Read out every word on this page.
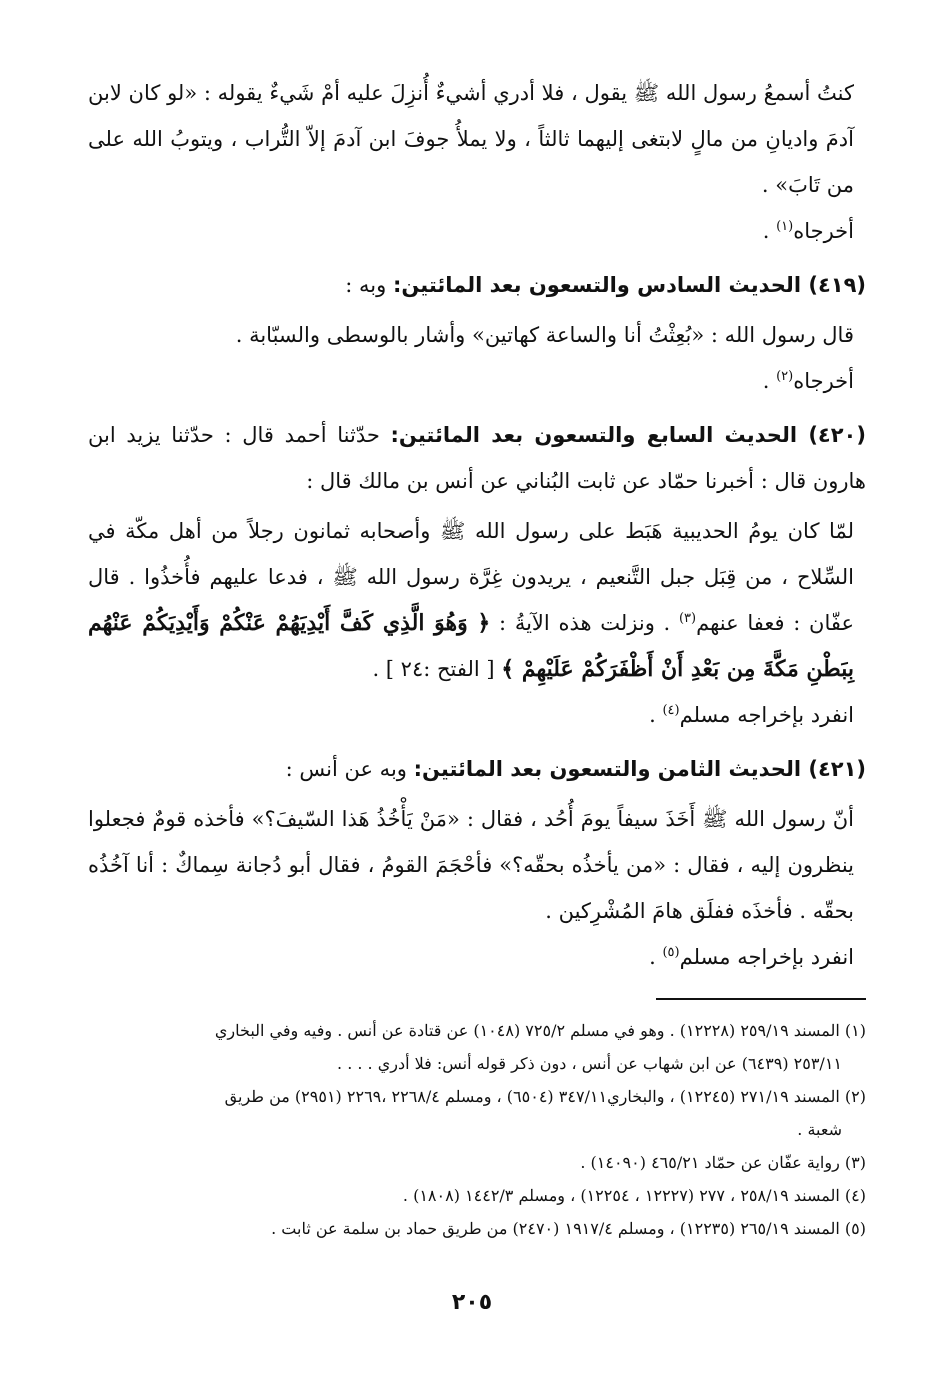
كنتُ أسمعُ رسول الله ﷺ يقول ، فلا أدري أشيءٌ أُنزِلَ عليه أمْ شَيءٌ يقوله : «لو كان لابن آدمَ واديانِ من مالٍ لابتغى إليهما ثالثاً ، ولا يملأُ جوفَ ابن آدمَ إلاّ التُّراب ، ويتوبُ الله على من تَابَ» .

أخرجاه$^{(١)}$ .

(٤١٩) الحديث السادس والتسعون بعد المائتين: وبه :

قال رسول الله : «بُعِثْتُ أنا والساعة كهاتين» وأشار بالوسطى والسبّابة .

أخرجاه$^{(٢)}$ .

(٤٢٠) الحديث السابع والتسعون بعد المائتين: حدّثنا أحمد قال : حدّثنا يزيد ابن هارون قال : أخبرنا حمّاد عن ثابت البُناني عن أنس بن مالك قال :

لمّا كان يومُ الحديبية هَبَط على رسول الله ﷺ وأصحابه ثمانون رجلاً من أهل مكّة في السِّلاح ، من قِبَل جبل التَّنعيم ، يريدون غِرَّة رسول الله ﷺ ، فدعا عليهم فأُخذُوا . قال عفّان : فعفا عنهم$^{(٣)}$ . ونزلت هذه الآيةُ : ﴿ وَهُوَ الَّذِي كَفَّ أَيْدِيَهُمْ عَنْكُمْ وَأَيْدِيَكُمْ عَنْهُم بِبَطْنِ مَكَّةَ مِن بَعْدِ أَنْ أَظْفَرَكُمْ عَلَيْهِمْ ﴾ [ الفتح :٢٤ ] .

انفرد بإخراجه مسلم$^{(٤)}$ .

(٤٢١) الحديث الثامن والتسعون بعد المائتين: وبه عن أنس :

أنّ رسول الله ﷺ أَخَذَ سيفاً يومَ أُحُد ، فقال : «مَنْ يَأْخُذُ هَذا السّيفَ؟» فأخذه قومٌ فجعلوا ينظرون إليه ، فقال : «من يأخذُه بحقّه؟» فأحْجَمَ القومُ ، فقال أبو دُجانة سِماكٌ : أنا آخُذُه بحقّه . فأخذَه ففلَق هامَ المُشْرِكين .

انفرد بإخراجه مسلم$^{(٥)}$ .

(١) المسند ٢٥٩/١٩ (١٢٢٢٨) . وهو في مسلم ٧٢٥/٢ (١٠٤٨) عن قتادة عن أنس . وفيه وفي البخاري
٢٥٣/١١ (٦٤٣٩) عن ابن شهاب عن أنس ، دون ذكر قوله أنس: فلا أدري . . . .

(٢) المسند ٢٧١/١٩ (١٢٢٤٥) ، والبخاري٣٤٧/١١ (٦٥٠٤) ، ومسلم ٢٢٦٨/٤ ،٢٢٦٩ (٢٩٥١) من طريق
شعبة .

(٣) رواية عفّان عن حمّاد ٤٦٥/٢١ (١٤٠٩٠) .

(٤) المسند ٢٥٨/١٩ ، ٢٧٧ (١٢٢٢٧ ، ١٢٢٥٤) ، ومسلم ١٤٤٢/٣ (١٨٠٨) .

(٥) المسند ٢٦٥/١٩ (١٢٢٣٥) ، ومسلم ١٩١٧/٤ (٢٤٧٠) من طريق حماد بن سلمة عن ثابت .

٢٠٥
